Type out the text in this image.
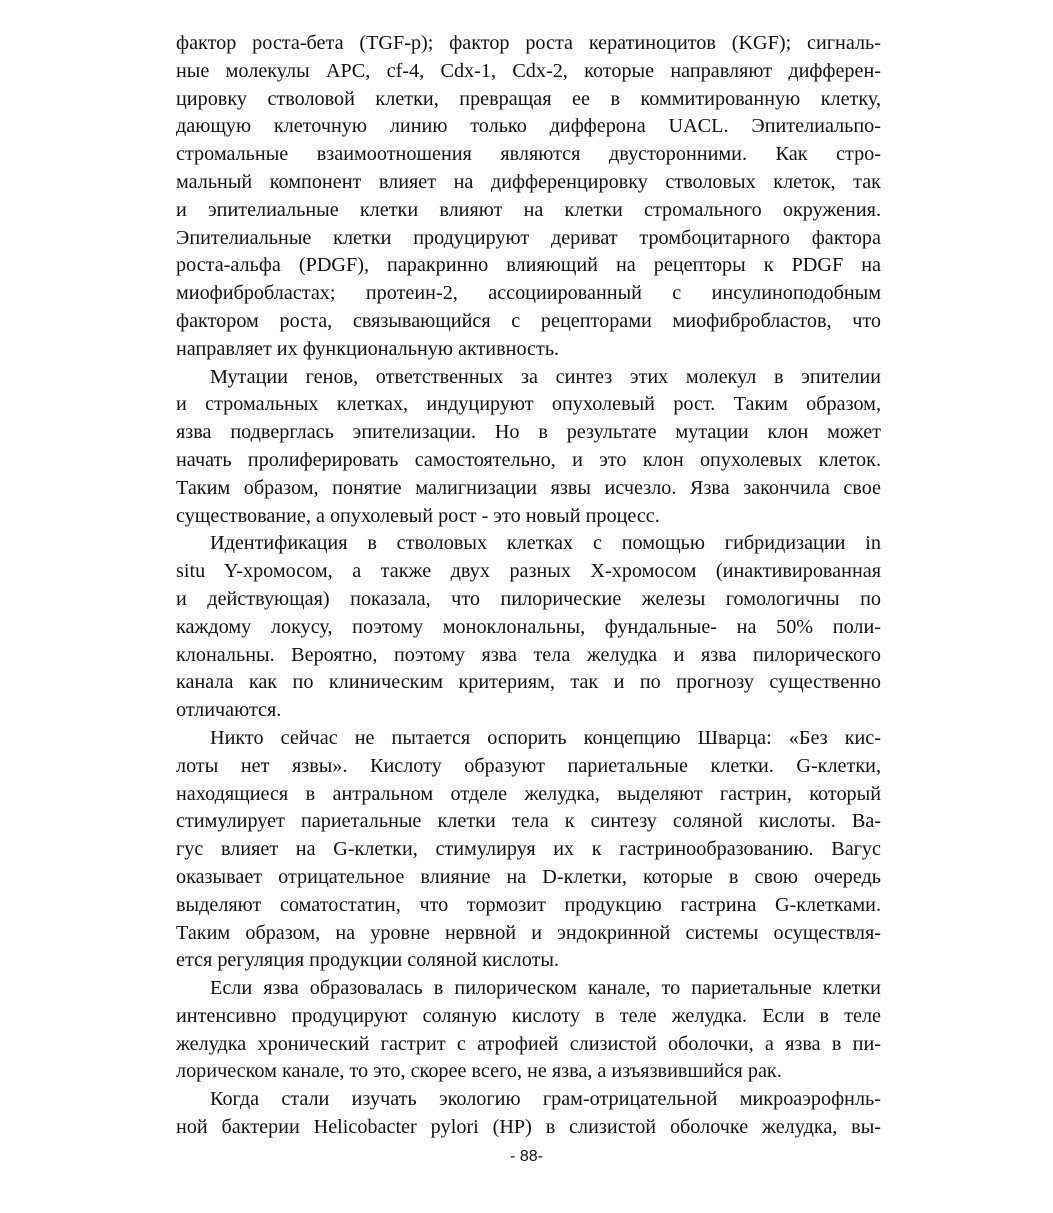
фактор роста-бета (TGF-р); фактор роста кератиноцитов (KGF); сигналь-
ные молекулы APC, cf-4, Cdx-1, Cdx-2, которые направляют дифферен-
цировку стволовой клетки, превращая ее в коммитированную клетку,
дающую клеточную линию только дифферона UACL. Эпителиальпо-
стромальные взаимоотношения являются двусторонними. Как стро-
мальный компонент влияет на дифференцировку стволовых клеток, так
и эпителиальные клетки влияют на клетки стромального окружения.
Эпителиальные клетки продуцируют дериват тромбоцитарного фактора
роста-альфа (PDGF), паракринно влияющий на рецепторы к PDGF на
миофибробластах; протеин-2, ассоциированный с инсулиноподобным
фактором роста, связывающийся с рецепторами миофибробластов, что
направляет их функциональную активность.
Мутации генов, ответственных за синтез этих молекул в эпителии
и стромальных клетках, индуцируют опухолевый рост. Таким образом,
язва подверглась эпителизации. Но в результате мутации клон может
начать пролиферировать самостоятельно, и это клон опухолевых клеток.
Таким образом, понятие малигнизации язвы исчезло. Язва закончила свое
существование, а опухолевый рост - это новый процесс.
Идентификация в стволовых клетках с помощью гибридизации in
situ Y-хромосом, а также двух разных Х-хромосом (инактивированная
и действующая) показала, что пилорические железы гомологичны по
каждому локусу, поэтому моноклональны, фундальные- на 50% поли-
клональны. Вероятно, поэтому язва тела желудка и язва пилорического
канала как по клиническим критериям, так и по прогнозу существенно
отличаются.
Никто сейчас не пытается оспорить концепцию Шварца: «Без кис-
лоты нет язвы». Кислоту образуют париетальные клетки. G-клетки,
находящиеся в антральном отделе желудка, выделяют гастрин, который
стимулирует париетальные клетки тела к синтезу соляной кислоты. Ва-
гус влияет на G-клетки, стимулируя их к гастринообразованию. Вагус
оказывает отрицательное влияние на D-клетки, которые в свою очередь
выделяют соматостатин, что тормозит продукцию гастрина G-клетками.
Таким образом, на уровне нервной и эндокринной системы осуществля-
ется регуляция продукции соляной кислоты.
Если язва образовалась в пилорическом канале, то париетальные клетки
интенсивно продуцируют соляную кислоту в теле желудка. Если в теле
желудка хронический гастрит с атрофией слизистой оболочки, а язва в пи-
лорическом канале, то это, скорее всего, не язва, а изъязвившийся рак.
Когда стали изучать экологию грам-отрицательной микроаэрофнль-
ной бактерии Helicobacter pylori (HP) в слизистой оболочке желудка, вы-
- 88-
